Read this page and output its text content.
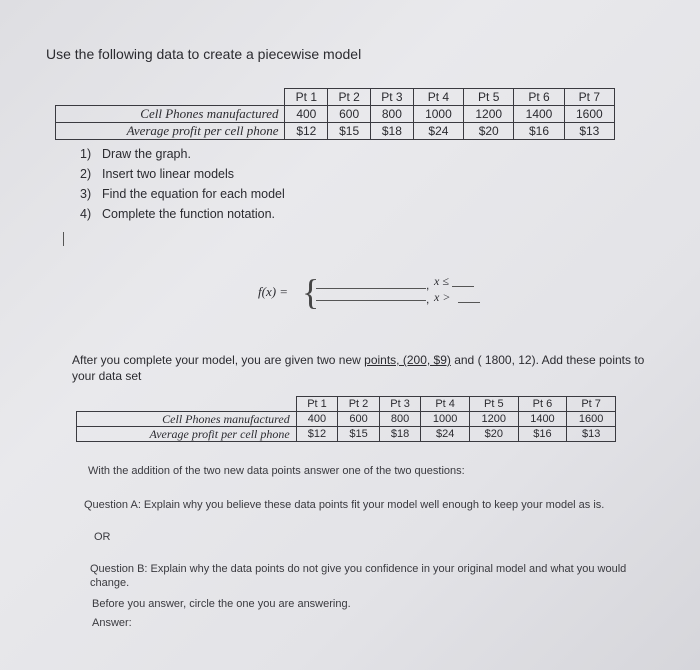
Use the following data to create a piecewise model
	Pt 1	Pt 2	Pt 3	Pt 4	Pt 5	Pt 6	Pt 7
Cell Phones manufactured	400	600	800	1000	1200	1400	1600
Average profit per cell phone	$12	$15	$18	$24	$20	$16	$13
1) Draw the graph.
2) Insert two linear models
3) Find the equation for each model
4) Complete the function notation.
f(x) = {	,
,
x ≤
x >
After you complete your model, you are given two new points, (200, $9) and ( 1800, 12). Add these points to your data set
	Pt 1	Pt 2	Pt 3	Pt 4	Pt 5	Pt 6	Pt 7
Cell Phones manufactured	400	600	800	1000	1200	1400	1600
Average profit per cell phone	$12	$15	$18	$24	$20	$16	$13
With the addition of the two new data points answer one of the two questions:
Question A: Explain why you believe these data points fit your model well enough to keep your model as is.
OR
Question B: Explain why the data points do not give you confidence in your original model and what you would change.
Before you answer, circle the one you are answering.
Answer:
